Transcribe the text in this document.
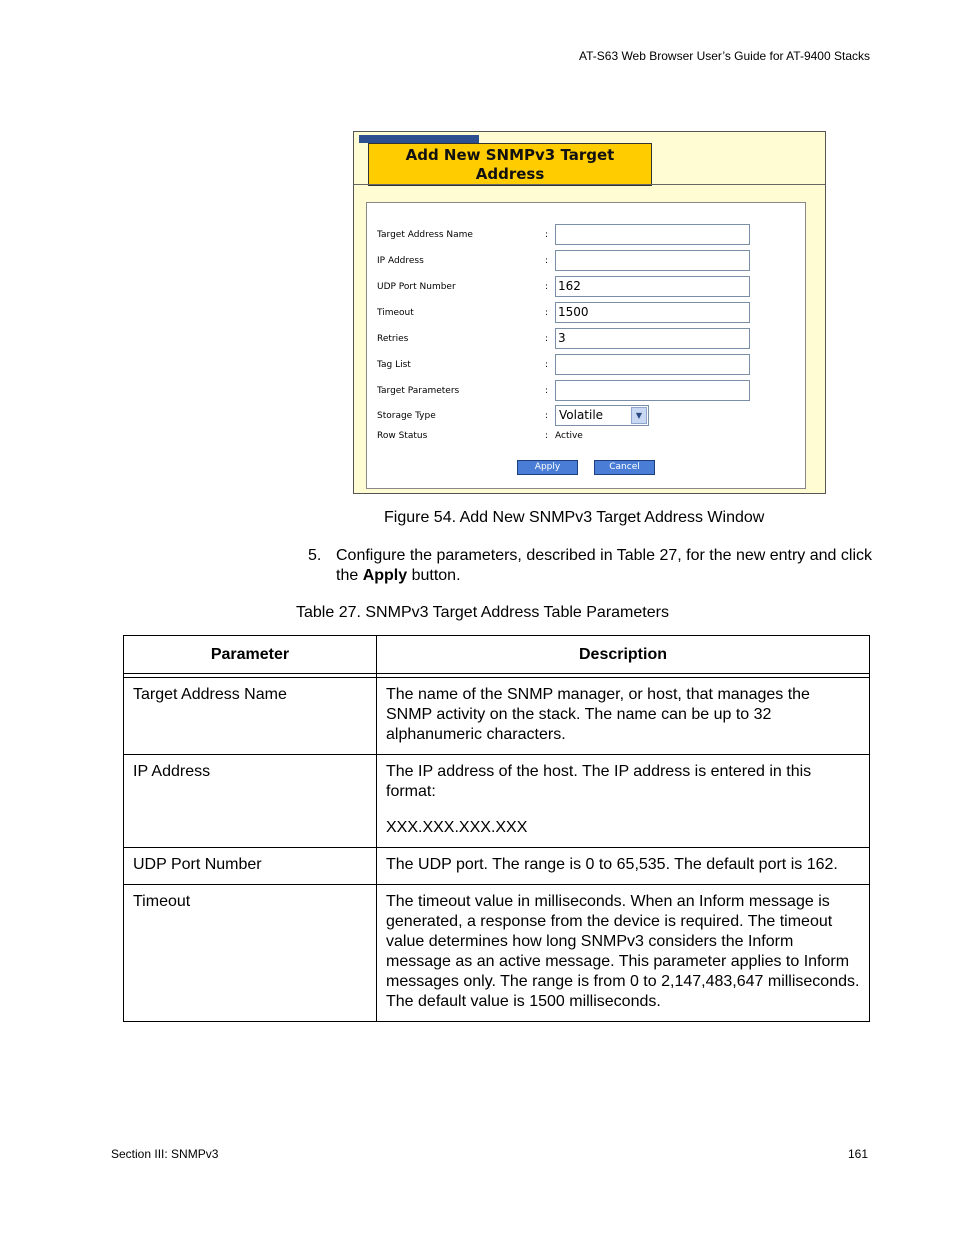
AT-S63 Web Browser User’s Guide for AT-9400 Stacks
Add New SNMPv3 Target
Address
Target Address Name	:
IP Address	:
UDP Port Number	: 162
Timeout	: 1500
Retries	: 3
Tag List	:
Target Parameters	:
Storage Type	: Volatile	▼
Row Status	: Active
Apply	Cancel
Figure 54. Add New SNMPv3 Target Address Window
5. Configure the parameters, described in Table 27, for the new entry and click the Apply button.
Table 27. SNMPv3 Target Address Table Parameters
Parameter	Description

Target Address Name	The name of the SNMP manager, or host, that manages the SNMP activity on the stack. The name can be up to 32 alphanumeric characters.

IP Address	The IP address of the host. The IP address is entered in this format:

XXX.XXX.XXX.XXX

UDP Port Number	The UDP port. The range is 0 to 65,535. The default port is 162.

Timeout	The timeout value in milliseconds. When an Inform message is generated, a response from the device is required. The timeout value determines how long SNMPv3 considers the Inform message as an active message. This parameter applies to Inform messages only. The range is from 0 to 2,147,483,647 milliseconds. The default value is 1500 milliseconds.

Section III: SNMPv3	161
